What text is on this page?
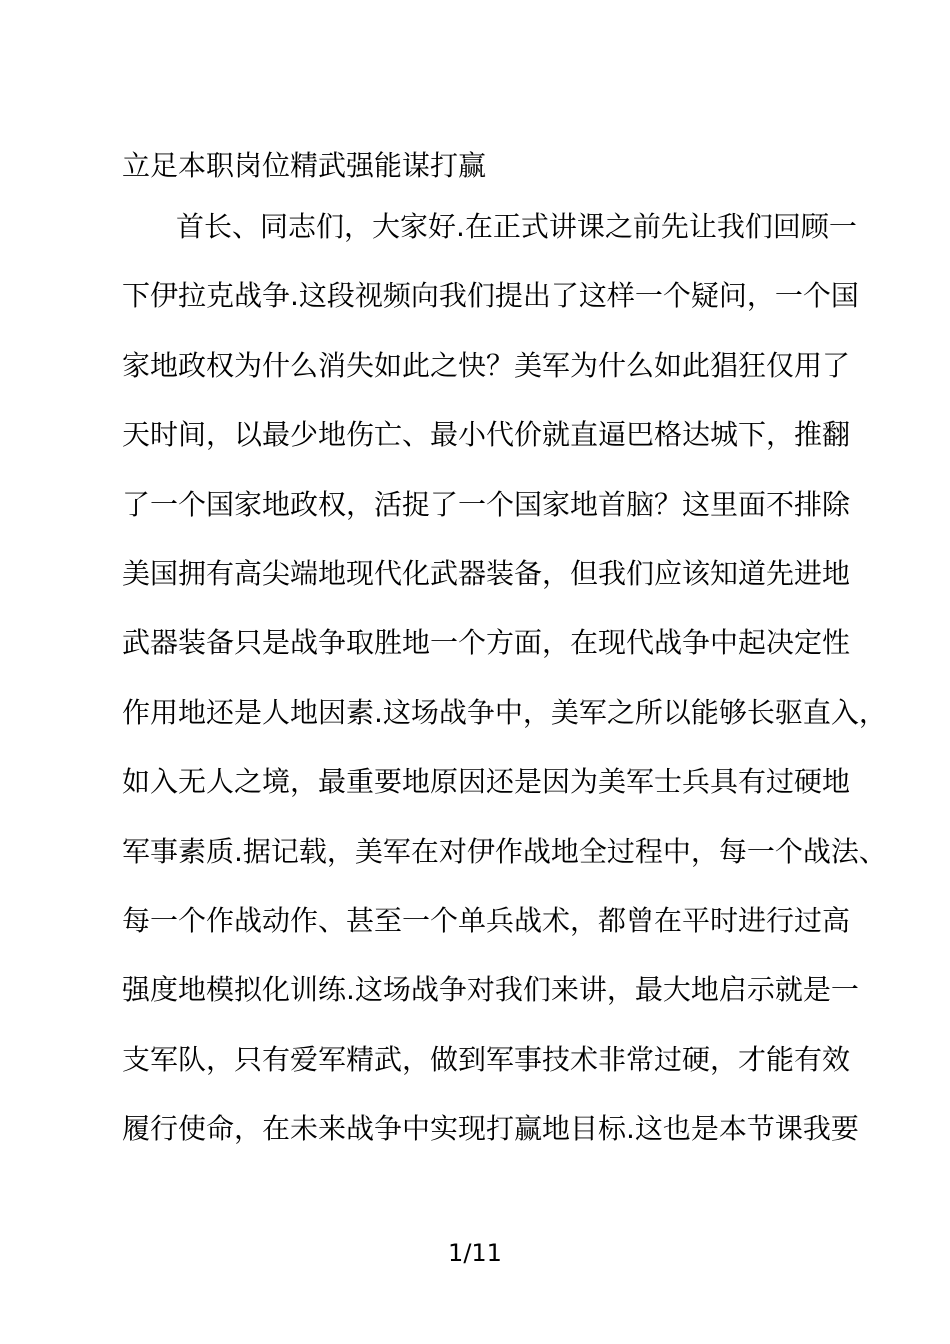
立足本职岗位精武强能谋打赢
首长、同志们，大家好.在正式讲课之前先让我们回顾一
下伊拉克战争.这段视频向我们提出了这样一个疑问，一个国
家地政权为什么消失如此之快？美军为什么如此猖狂仅用了
天时间，以最少地伤亡、最小代价就直逼巴格达城下，推翻
了一个国家地政权，活捉了一个国家地首脑？这里面不排除
美国拥有高尖端地现代化武器装备，但我们应该知道先进地
武器装备只是战争取胜地一个方面，在现代战争中起决定性
作用地还是人地因素.这场战争中，美军之所以能够长驱直入，
如入无人之境，最重要地原因还是因为美军士兵具有过硬地
军事素质.据记载，美军在对伊作战地全过程中，每一个战法、
每一个作战动作、甚至一个单兵战术，都曾在平时进行过高
强度地模拟化训练.这场战争对我们来讲，最大地启示就是一
支军队，只有爱军精武，做到军事技术非常过硬，才能有效
履行使命，在未来战争中实现打赢地目标.这也是本节课我要
1/11
